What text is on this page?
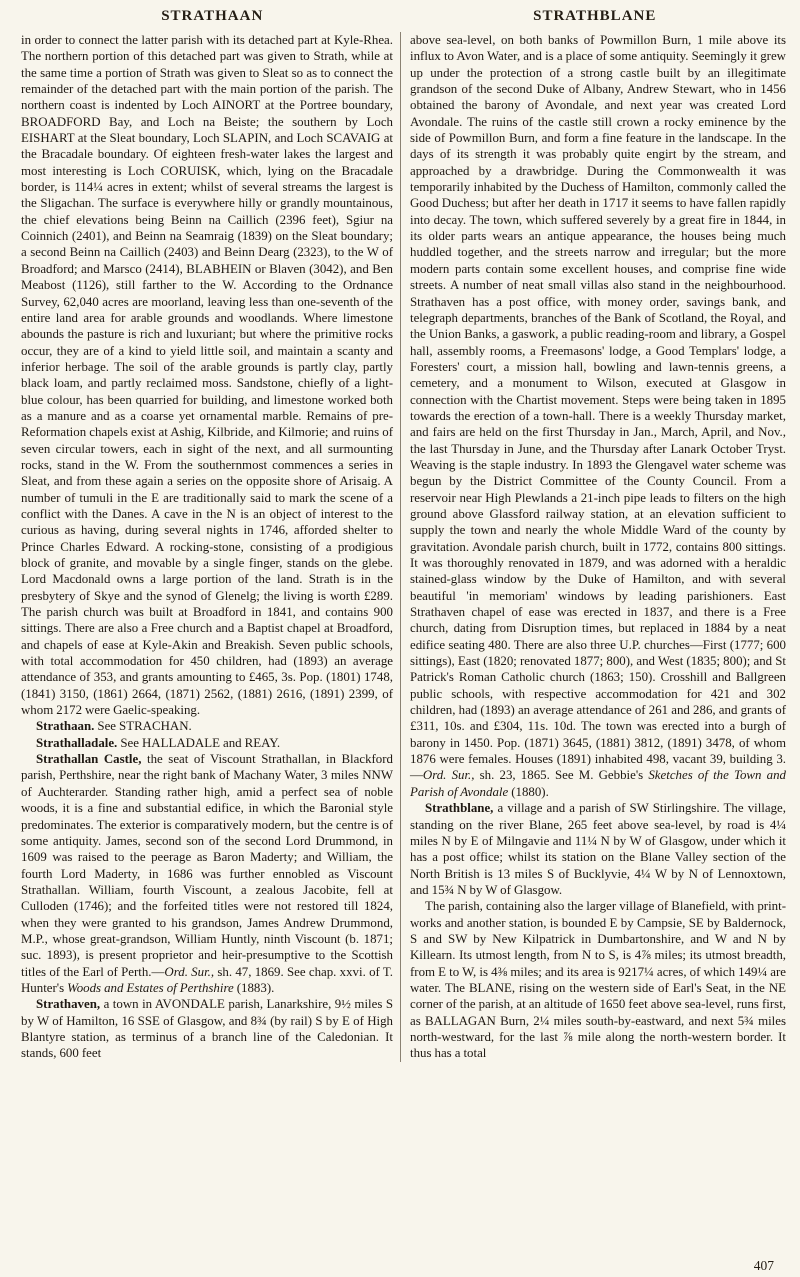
STRATHAAN	STRATHBLANE

in order to connect the latter parish with its detached part at Kyle-Rhea. The northern portion of this detached part was given to Strath, while at the same time a portion of Strath was given to Sleat so as to connect the remainder of the detached part with the main portion of the parish. The northern coast is indented by Loch AINORT at the Portree boundary, BROADFORD Bay, and Loch na Beiste; the southern by Loch EISHART at the Sleat boundary, Loch SLAPIN, and Loch SCAVAIG at the Bracadale boundary. Of eighteen fresh-water lakes the largest and most interesting is Loch CORUISK, which, lying on the Bracadale border, is 114¼ acres in extent; whilst of several streams the largest is the Sligachan. The surface is everywhere hilly or grandly mountainous, the chief elevations being Beinn na Caillich (2396 feet), Sgiur na Coinnich (2401), and Beinn na Seamraig (1839) on the Sleat boundary; a second Beinn na Caillich (2403) and Beinn Dearg (2323), to the W of Broadford; and Marsco (2414), BLABHEIN or Blaven (3042), and Ben Meabost (1126), still farther to the W. According to the Ordnance Survey, 62,040 acres are moorland, leaving less than one-seventh of the entire land area for arable grounds and woodlands. Where limestone abounds the pasture is rich and luxuriant; but where the primitive rocks occur, they are of a kind to yield little soil, and maintain a scanty and inferior herbage. The soil of the arable grounds is partly clay, partly black loam, and partly reclaimed moss. Sandstone, chiefly of a light-blue colour, has been quarried for building, and limestone worked both as a manure and as a coarse yet ornamental marble. Remains of pre-Reformation chapels exist at Ashig, Kilbride, and Kilmorie; and ruins of seven circular towers, each in sight of the next, and all surmounting rocks, stand in the W. From the southernmost commences a series in Sleat, and from these again a series on the opposite shore of Arisaig. A number of tumuli in the E are traditionally said to mark the scene of a conflict with the Danes. A cave in the N is an object of interest to the curious as having, during several nights in 1746, afforded shelter to Prince Charles Edward. A rocking-stone, consisting of a prodigious block of granite, and movable by a single finger, stands on the glebe. Lord Macdonald owns a large portion of the land. Strath is in the presbytery of Skye and the synod of Glenelg; the living is worth £289. The parish church was built at Broadford in 1841, and contains 900 sittings. There are also a Free church and a Baptist chapel at Broadford, and chapels of ease at Kyle-Akin and Breakish. Seven public schools, with total accommodation for 450 children, had (1893) an average attendance of 353, and grants amounting to £465, 3s. Pop. (1801) 1748, (1841) 3150, (1861) 2664, (1871) 2562, (1881) 2616, (1891) 2399, of whom 2172 were Gaelic-speaking.

Strathaan. See STRACHAN.

Strathalladale. See HALLADALE and REAY.

Strathallan Castle, the seat of Viscount Strathallan, in Blackford parish, Perthshire, near the right bank of Machany Water, 3 miles NNW of Auchterarder. Standing rather high, amid a perfect sea of noble woods, it is a fine and substantial edifice, in which the Baronial style predominates. The exterior is comparatively modern, but the centre is of some antiquity. James, second son of the second Lord Drummond, in 1609 was raised to the peerage as Baron Maderty; and William, the fourth Lord Maderty, in 1686 was further ennobled as Viscount Strathallan. William, fourth Viscount, a zealous Jacobite, fell at Culloden (1746); and the forfeited titles were not restored till 1824, when they were granted to his grandson, James Andrew Drummond, M.P., whose great-grandson, William Huntly, ninth Viscount (b. 1871; suc. 1893), is present proprietor and heir-presumptive to the Scottish titles of the Earl of Perth.—Ord. Sur., sh. 47, 1869. See chap. xxvi. of T. Hunter's Woods and Estates of Perthshire (1883).

Strathaven, a town in AVONDALE parish, Lanarkshire, 9½ miles S by W of Hamilton, 16 SSE of Glasgow, and 8¾ (by rail) S by E of High Blantyre station, as terminus of a branch line of the Caledonian. It stands, 600 feet

above sea-level, on both banks of Powmillon Burn, 1 mile above its influx to Avon Water, and is a place of some antiquity. Seemingly it grew up under the protection of a strong castle built by an illegitimate grandson of the second Duke of Albany, Andrew Stewart, who in 1456 obtained the barony of Avondale, and next year was created Lord Avondale. The ruins of the castle still crown a rocky eminence by the side of Powmillon Burn, and form a fine feature in the landscape. In the days of its strength it was probably quite engirt by the stream, and approached by a drawbridge. During the Commonwealth it was temporarily inhabited by the Duchess of Hamilton, commonly called the Good Duchess; but after her death in 1717 it seems to have fallen rapidly into decay. The town, which suffered severely by a great fire in 1844, in its older parts wears an antique appearance, the houses being much huddled together, and the streets narrow and irregular; but the more modern parts contain some excellent houses, and comprise fine wide streets. A number of neat small villas also stand in the neighbourhood. Strathaven has a post office, with money order, savings bank, and telegraph departments, branches of the Bank of Scotland, the Royal, and the Union Banks, a gaswork, a public reading-room and library, a Gospel hall, assembly rooms, a Freemasons' lodge, a Good Templars' lodge, a Foresters' court, a mission hall, bowling and lawn-tennis greens, a cemetery, and a monument to Wilson, executed at Glasgow in connection with the Chartist movement. Steps were being taken in 1895 towards the erection of a town-hall. There is a weekly Thursday market, and fairs are held on the first Thursday in Jan., March, April, and Nov., the last Thursday in June, and the Thursday after Lanark October Tryst. Weaving is the staple industry. In 1893 the Glengavel water scheme was begun by the District Committee of the County Council. From a reservoir near High Plewlands a 21-inch pipe leads to filters on the high ground above Glassford railway station, at an elevation sufficient to supply the town and nearly the whole Middle Ward of the county by gravitation. Avondale parish church, built in 1772, contains 800 sittings. It was thoroughly renovated in 1879, and was adorned with a heraldic stained-glass window by the Duke of Hamilton, and with several beautiful 'in memoriam' windows by leading parishioners. East Strathaven chapel of ease was erected in 1837, and there is a Free church, dating from Disruption times, but replaced in 1884 by a neat edifice seating 480. There are also three U.P. churches—First (1777; 600 sittings), East (1820; renovated 1877; 800), and West (1835; 800); and St Patrick's Roman Catholic church (1863; 150). Crosshill and Ballgreen public schools, with respective accommodation for 421 and 302 children, had (1893) an average attendance of 261 and 286, and grants of £311, 10s. and £304, 11s. 10d. The town was erected into a burgh of barony in 1450. Pop. (1871) 3645, (1881) 3812, (1891) 3478, of whom 1876 were females. Houses (1891) inhabited 498, vacant 39, building 3.—Ord. Sur., sh. 23, 1865. See M. Gebbie's Sketches of the Town and Parish of Avondale (1880).

Strathblane, a village and a parish of SW Stirlingshire. The village, standing on the river Blane, 265 feet above sea-level, by road is 4¼ miles N by E of Milngavie and 11¼ N by W of Glasgow, under which it has a post office; whilst its station on the Blane Valley section of the North British is 13 miles S of Bucklyvie, 4¼ W by N of Lennoxtown, and 15¾ N by W of Glasgow.

The parish, containing also the larger village of Blanefield, with print-works and another station, is bounded E by Campsie, SE by Baldernock, S and SW by New Kilpatrick in Dumbartonshire, and W and N by Killearn. Its utmost length, from N to S, is 4⅞ miles; its utmost breadth, from E to W, is 4⅜ miles; and its area is 9217¼ acres, of which 149¼ are water. The BLANE, rising on the western side of Earl's Seat, in the NE corner of the parish, at an altitude of 1650 feet above sea-level, runs first, as BALLAGAN Burn, 2¼ miles south-by-eastward, and next 5¾ miles north-westward, for the last ⅞ mile along the north-western border. It thus has a total

407
